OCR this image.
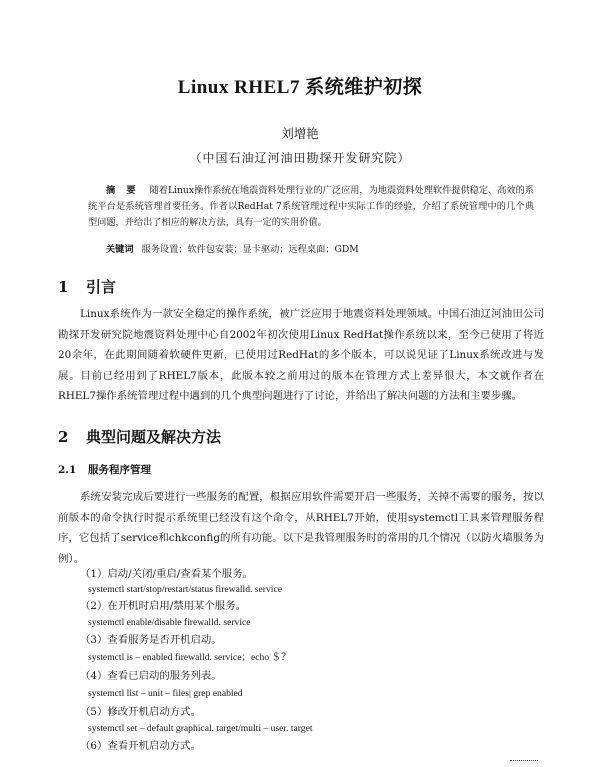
Linux RHEL7 系统维护初探
刘增艳
（中国石油辽河油田勘探开发研究院）
摘 要 随着Linux操作系统在地震资料处理行业的广泛应用，为地震资料处理软件提供稳定、高效的系统平台是系统管理首要任务。作者以RedHat 7系统管理过程中实际工作的经验，介绍了系统管理中的几个典型问题，并给出了相应的解决方法，具有一定的实用价值。
关键词 服务设置；软件包安装；显卡驱动；远程桌面；GDM
1 引言
Linux系统作为一款安全稳定的操作系统，被广泛应用于地震资料处理领域。中国石油辽河油田公司勘探开发研究院地震资料处理中心自2002年初次使用Linux RedHat操作系统以来，至今已使用了将近20余年，在此期间随着软硬件更新，已使用过RedHat的多个版本，可以说见证了Linux系统改进与发展。目前已经用到了RHEL7版本，此版本较之前用过的版本在管理方式上差异很大，本文就作者在RHEL7操作系统管理过程中遇到的几个典型问题进行了讨论，并给出了解决问题的方法和主要步骤。
2 典型问题及解决方法
2.1 服务程序管理
系统安装完成后要进行一些服务的配置，根据应用软件需要开启一些服务，关掉不需要的服务，按以前版本的命令执行时提示系统里已经没有这个命令，从RHEL7开始，使用systemctl工具来管理服务程序，它包括了service和chkconfig的所有功能。以下是我管理服务时的常用的几个情况（以防火墙服务为例）。
（1）启动/关闭/重启/查看某个服务。
systemctl start/stop/restart/status firewalld. service
（2）在开机时启用/禁用某个服务。
systemctl enable/disable firewalld. service
（3）查看服务是否开机启动。
systemctl is – enabled firewalld. service；echo ＄？
（4）查看已启动的服务列表。
systemctl list – unit – files| grep enabled
（5）修改开机启动方式。
systemctl set – default graphical. target/multi – user. target
（6）查看开机启动方式。
